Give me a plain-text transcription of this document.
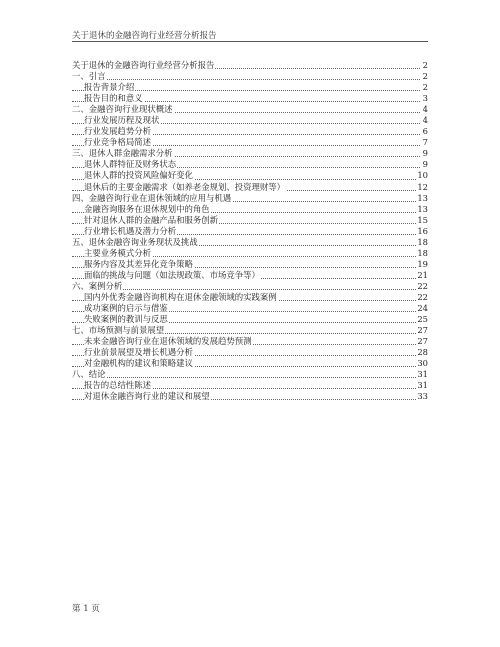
关于退休的金融咨询行业经营分析报告
关于退休的金融咨询行业经营分析报告	2
一、引言	2
报告背景介绍	2
报告目的和意义	3
二、金融咨询行业现状概述	4
行业发展历程及现状	4
行业发展趋势分析	6
行业竞争格局简述	7
三、退休人群金融需求分析	9
退休人群特征及财务状态	9
退休人群的投资风险偏好变化	10
退休后的主要金融需求（如养老金规划、投资理财等）	12
四、金融咨询行业在退休领域的应用与机遇	13
金融咨询服务在退休规划中的角色	13
针对退休人群的金融产品和服务创新	15
行业增长机遇及潜力分析	16
五、退休金融咨询业务现状及挑战	18
主要业务模式分析	18
服务内容及其差异化竞争策略	19
面临的挑战与问题（如法规政策、市场竞争等）	21
六、案例分析	22
国内外优秀金融咨询机构在退休金融领域的实践案例	22
成功案例的启示与借鉴	24
失败案例的教训与反思	25
七、市场预测与前景展望	27
未来金融咨询行业在退休领域的发展趋势预测	27
行业前景展望及增长机遇分析	28
对金融机构的建议和策略建议	30
八、结论	31
报告的总结性陈述	31
对退休金融咨询行业的建议和展望	33
第 1 页
